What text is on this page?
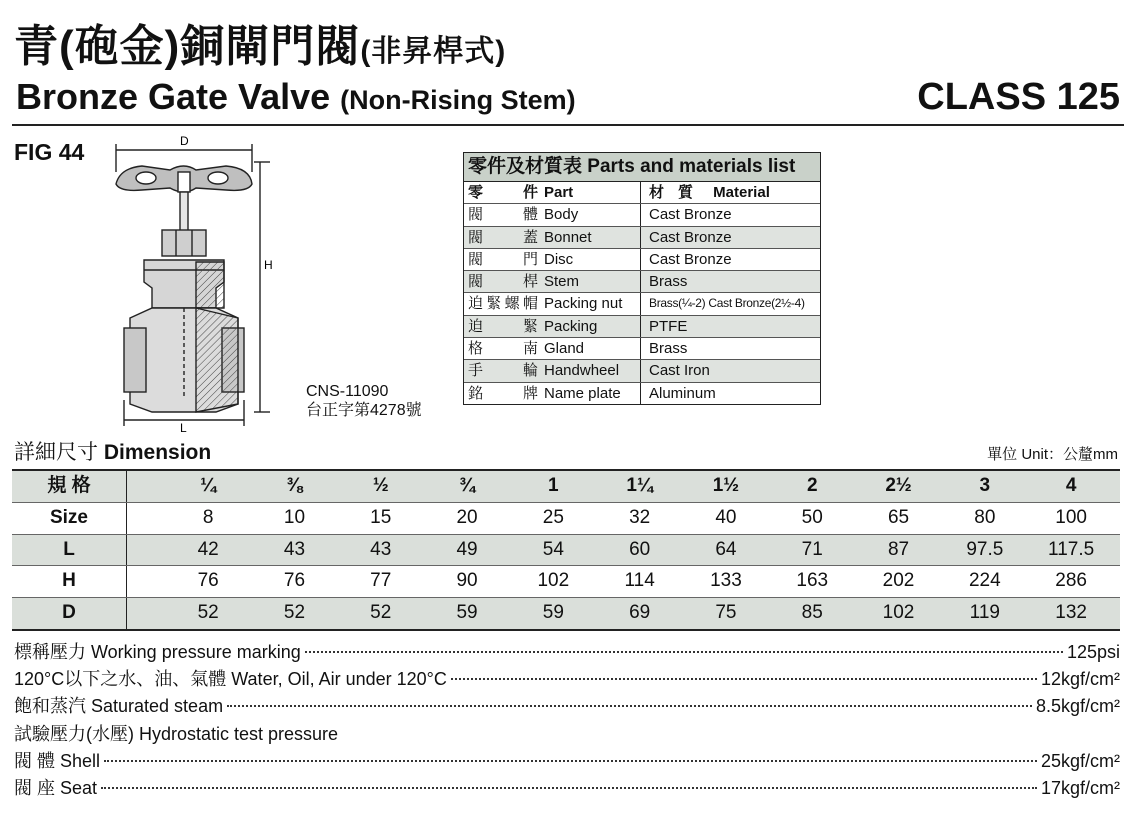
青(砲金)銅閘門閥(非昇桿式)
Bronze Gate Valve (Non-Rising Stem)	CLASS 125
FIG 44	D
H
L
CNS-11090
台正字第4278號
零件及材質表 Parts and materials list
零件 Part	材質 Material
閥體 Body	Cast Bronze
閥蓋 Bonnet	Cast Bronze
閥門 Disc	Cast Bronze
閥桿 Stem	Brass
迫緊螺帽 Packing nut	Brass(¼-2) Cast Bronze(2½-4)
迫緊 Packing	PTFE
格南 Gland	Brass
手輪 Handwheel	Cast Iron
銘牌 Name plate	Aluminum
詳細尺寸 Dimension	單位 Unit：公釐mm
規 格	¼	⅜	½	¾	1	1¼	1½	2	2½	3	4
Size	8	10	15	20	25	32	40	50	65	80	100
L	42	43	43	49	54	60	64	71	87	97.5	117.5
H	76	76	77	90	102	114	133	163	202	224	286
D	52	52	52	59	59	69	75	85	102	119	132
標稱壓力 Working pressure marking	125psi
120°C以下之水、油、氣體 Water, Oil, Air under 120°C	12kgf/cm²
飽和蒸汽 Saturated steam	8.5kgf/cm²
試驗壓力(水壓) Hydrostatic test pressure
閥 體 Shell	25kgf/cm²
閥 座 Seat	17kgf/cm²
